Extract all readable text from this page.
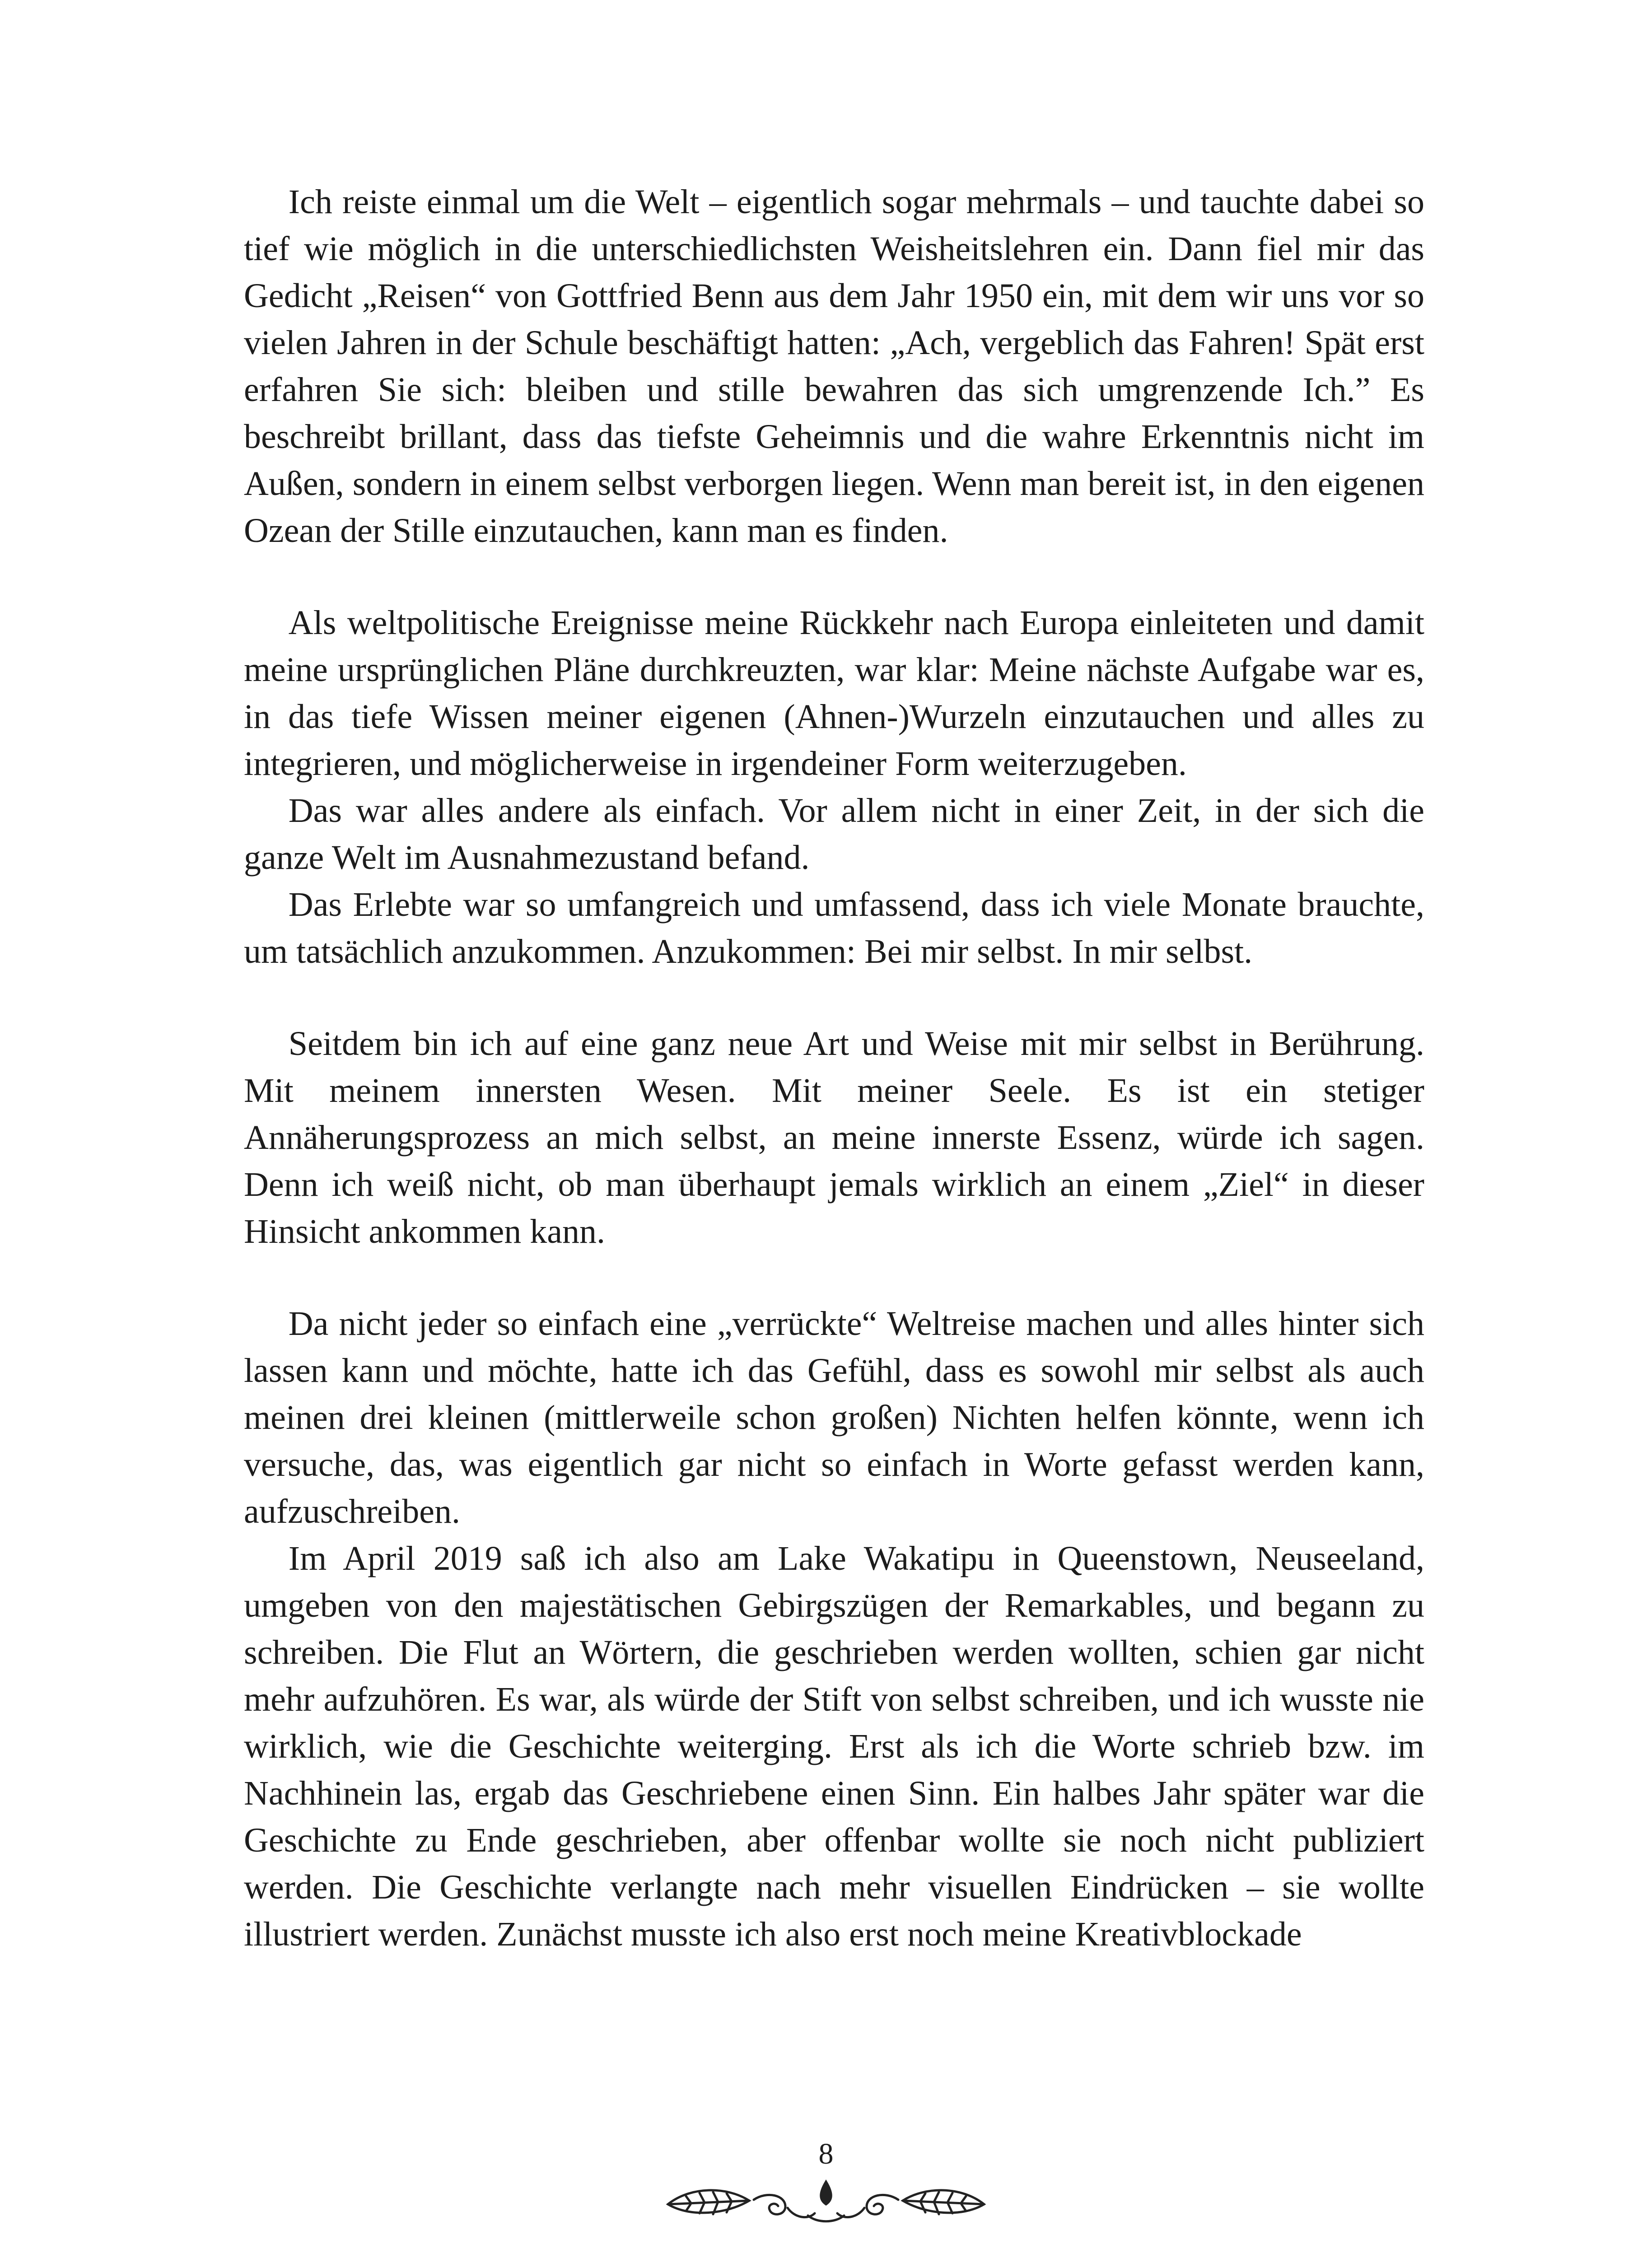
Ich reiste einmal um die Welt – eigentlich sogar mehrmals – und tauchte dabei so tief wie möglich in die unterschiedlichsten Weisheitslehren ein. Dann fiel mir das Gedicht „Reisen“ von Gottfried Benn aus dem Jahr 1950 ein, mit dem wir uns vor so vielen Jahren in der Schule beschäftigt hatten: „Ach, vergeblich das Fahren! Spät erst erfahren Sie sich: bleiben und stille bewahren das sich umgrenzende Ich.” Es beschreibt brillant, dass das tiefste Geheimnis und die wahre Erkenntnis nicht im Außen, sondern in einem selbst verborgen liegen. Wenn man bereit ist, in den eigenen Ozean der Stille einzutauchen, kann man es finden.

Als weltpolitische Ereignisse meine Rückkehr nach Europa einleiteten und damit meine ursprünglichen Pläne durchkreuzten, war klar: Meine nächste Aufgabe war es, in das tiefe Wissen meiner eigenen (Ahnen-)Wurzeln einzutauchen und alles zu integrieren, und möglicherweise in irgendeiner Form weiterzugeben.

Das war alles andere als einfach. Vor allem nicht in einer Zeit, in der sich die ganze Welt im Ausnahmezustand befand.

Das Erlebte war so umfangreich und umfassend, dass ich viele Monate brauchte, um tatsächlich anzukommen. Anzukommen: Bei mir selbst. In mir selbst.

Seitdem bin ich auf eine ganz neue Art und Weise mit mir selbst in Berührung. Mit meinem innersten Wesen. Mit meiner Seele. Es ist ein stetiger Annäherungsprozess an mich selbst, an meine innerste Essenz, würde ich sagen. Denn ich weiß nicht, ob man überhaupt jemals wirklich an einem „Ziel“ in dieser Hinsicht ankommen kann.

Da nicht jeder so einfach eine „verrückte“ Weltreise machen und alles hinter sich lassen kann und möchte, hatte ich das Gefühl, dass es sowohl mir selbst als auch meinen drei kleinen (mittlerweile schon großen) Nichten helfen könnte, wenn ich versuche, das, was eigentlich gar nicht so einfach in Worte gefasst werden kann, aufzuschreiben.

Im April 2019 saß ich also am Lake Wakatipu in Queenstown, Neuseeland, umgeben von den majestätischen Gebirgszügen der Remarkables, und begann zu schreiben. Die Flut an Wörtern, die geschrieben werden wollten, schien gar nicht mehr aufzuhören. Es war, als würde der Stift von selbst schreiben, und ich wusste nie wirklich, wie die Geschichte weiterging. Erst als ich die Worte schrieb bzw. im Nachhinein las, ergab das Geschriebene einen Sinn. Ein halbes Jahr später war die Geschichte zu Ende geschrieben, aber offenbar wollte sie noch nicht publiziert werden. Die Geschichte verlangte nach mehr visuellen Eindrücken – sie wollte illustriert werden. Zunächst musste ich also erst noch meine Kreativblockade

8
